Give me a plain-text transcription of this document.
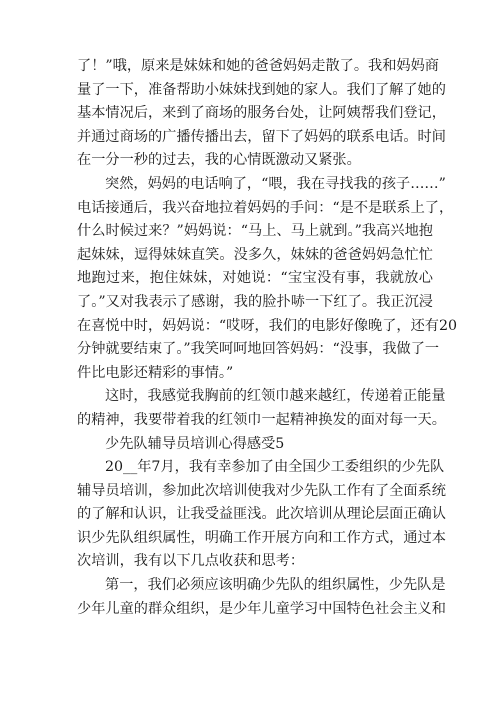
了！”哦，原来是妹妹和她的爸爸妈妈走散了。我和妈妈商
量了一下，准备帮助小妹妹找到她的家人。我们了解了她的
基本情况后，来到了商场的服务台处，让阿姨帮我们登记，
并通过商场的广播传播出去，留下了妈妈的联系电话。时间
在一分一秒的过去，我的心情既激动又紧张。
突然，妈妈的电话响了，“喂，我在寻找我的孩子……”
电话接通后，我兴奋地拉着妈妈的手问：“是不是联系上了，
什么时候过来？”妈妈说：“马上、马上就到。”我高兴地抱
起妹妹，逗得妹妹直笑。没多久，妹妹的爸爸妈妈急忙忙
地跑过来，抱住妹妹，对她说：“宝宝没有事，我就放心
了。”又对我表示了感谢，我的脸扑哧一下红了。我正沉浸
在喜悦中时，妈妈说：“哎呀，我们的电影好像晚了，还有20
分钟就要结束了。”我笑呵呵地回答妈妈：“没事，我做了一
件比电影还精彩的事情。”
这时，我感觉我胸前的红领巾越来越红，传递着正能量
的精神，我要带着我的红领巾一起精神换发的面对每一天。
少先队辅导员培训心得感受5
20__年7月，我有幸参加了由全国少工委组织的少先队
辅导员培训，参加此次培训使我对少先队工作有了全面系统
的了解和认识，让我受益匪浅。此次培训从理论层面正确认
识少先队组织属性，明确工作开展方向和工作方式，通过本
次培训，我有以下几点收获和思考：
第一，我们必须应该明确少先队的组织属性，少先队是
少年儿童的群众组织，是少年儿童学习中国特色社会主义和
